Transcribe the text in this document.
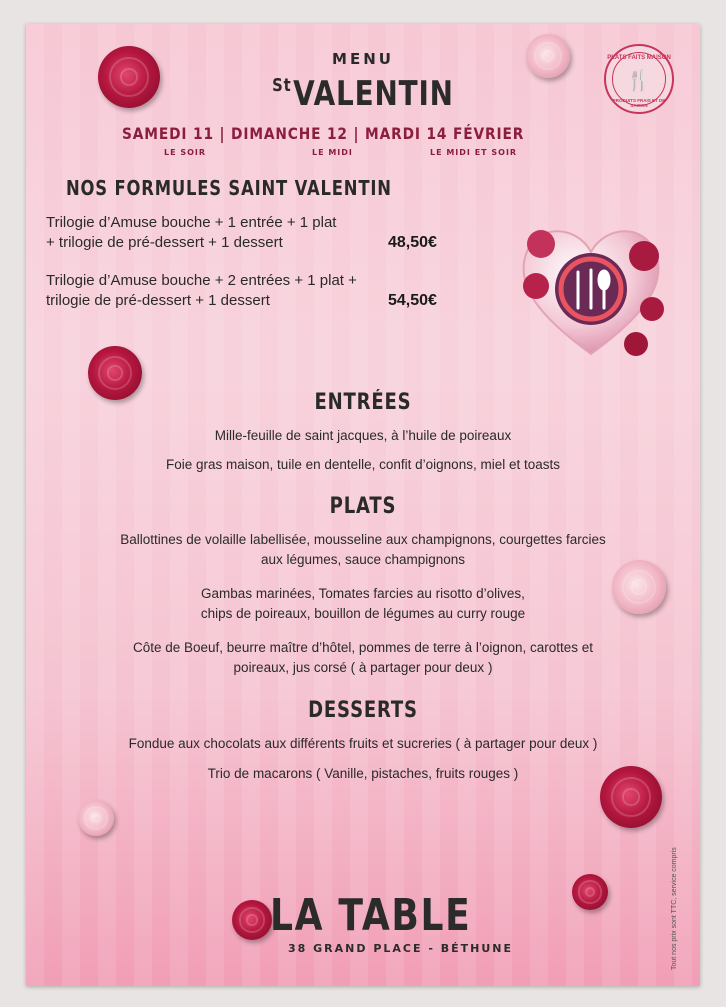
MENU
$^{St}$VALENTIN
SAMEDI 11 | DIMANCHE 12 | MARDI 14 FÉVRIER
LE SOIR	LE MIDI	LE MIDI ET SOIR
PLATS FAITS MAISON
🍴
PRODUITS FRAIS ET DE SAISON
NOS FORMULES SAINT VALENTIN
Trilogie d’Amuse bouche + 1 entrée + 1 plat
+ trilogie de pré-dessert + 1 dessert	48,50€
Trilogie d’Amuse bouche + 2 entrées + 1 plat +
trilogie de pré-dessert + 1 dessert	54,50€
ENTRÉES
Mille-feuille de saint jacques, à l’huile de poireaux
Foie gras maison, tuile en dentelle, confit d’oignons, miel et toasts
PLATS
Ballottines de volaille labellisée, mousseline aux champignons, courgettes farcies
aux légumes, sauce champignons
Gambas marinées, Tomates farcies au risotto d’olives,
chips de poireaux, bouillon de légumes au curry rouge
Côte de Boeuf, beurre maître d’hôtel, pommes de terre à l’oignon, carottes et
poireaux, jus corsé ( à partager pour deux )
DESSERTS
Fondue aux chocolats aux différents fruits et sucreries ( à partager pour deux )
Trio de macarons ( Vanille, pistaches, fruits rouges )
LA TABLE
38 GRAND PLACE - BÉTHUNE	Tout nos prix sont TTC, service compris
